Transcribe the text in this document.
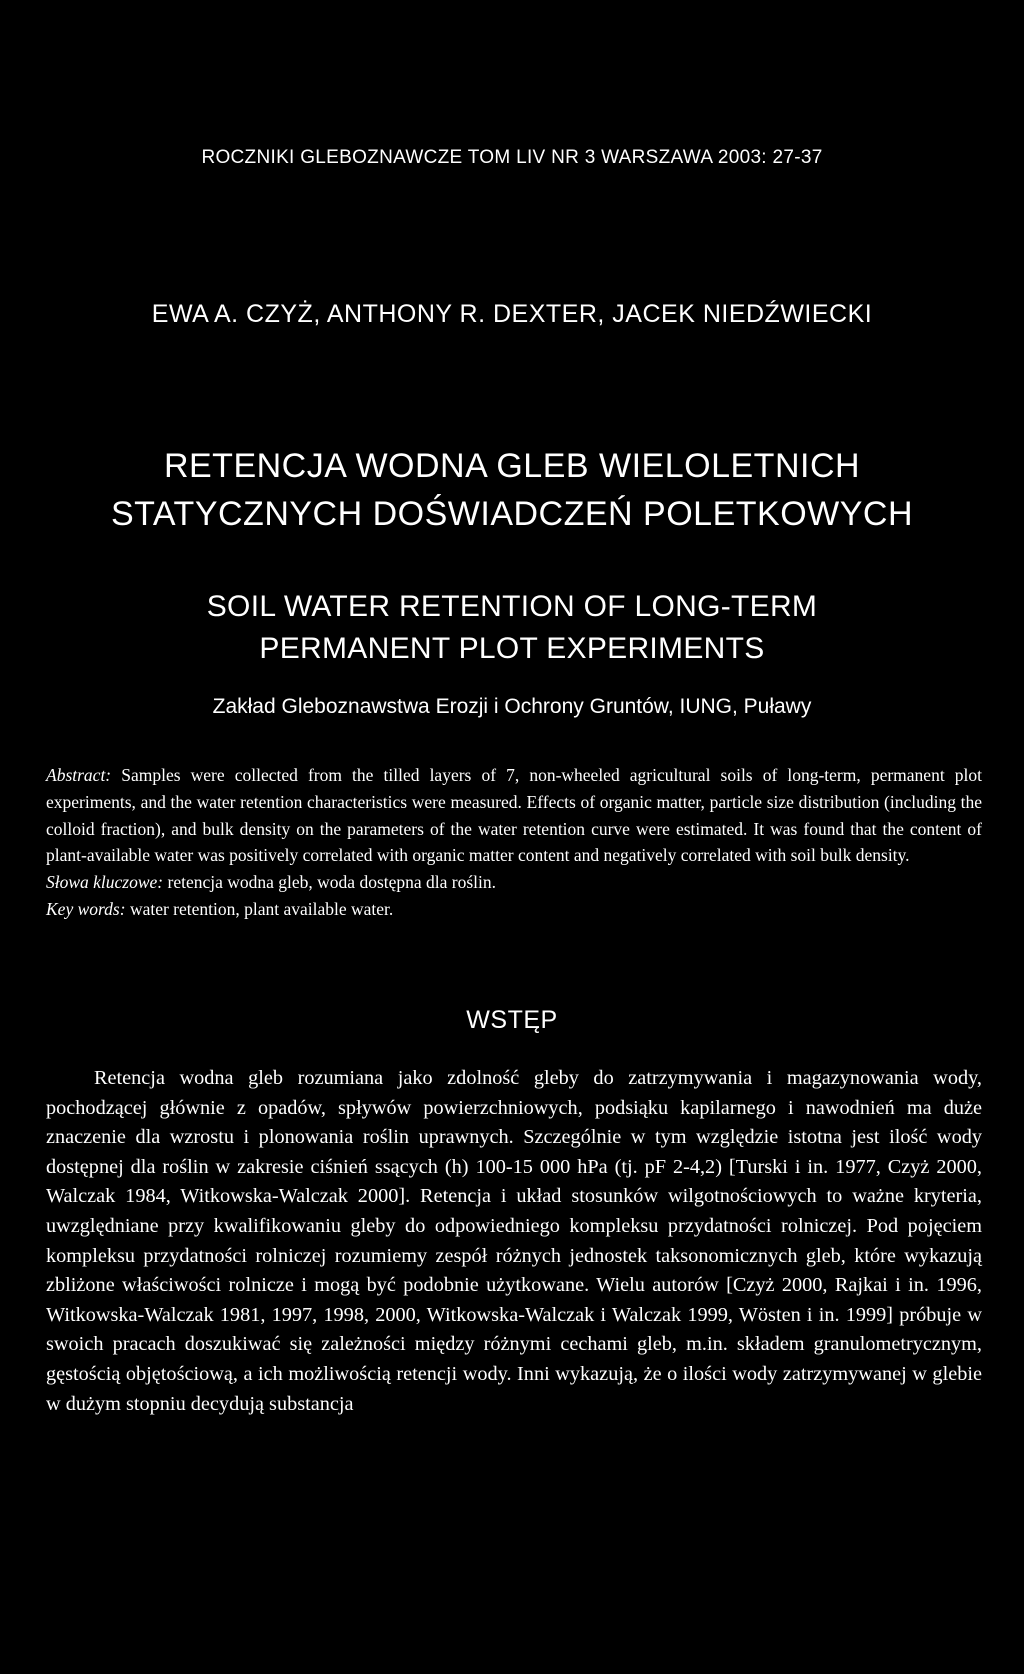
ROCZNIKI GLEBOZNAWCZE TOM LIV NR 3 WARSZAWA 2003: 27-37
EWA A. CZYŻ, ANTHONY R. DEXTER, JACEK NIEDŹWIECKI
RETENCJA WODNA GLEB WIELOLETNICH
STATYCZNYCH DOŚWIADCZEŃ POLETKOWYCH
SOIL WATER RETENTION OF LONG-TERM
PERMANENT PLOT EXPERIMENTS
Zakład Gleboznawstwa Erozji i Ochrony Gruntów, IUNG, Puławy

Abstract: Samples were collected from the tilled layers of 7, non-wheeled agricultural soils of long-term, permanent plot experiments, and the water retention characteristics were measured. Effects of organic matter, particle size distribution (including the colloid fraction), and bulk density on the parameters of the water retention curve were estimated. It was found that the content of plant-available water was positively correlated with organic matter content and negatively correlated with soil bulk density.

Słowa kluczowe: retencja wodna gleb, woda dostępna dla roślin.

Key words: water retention, plant available water.

WSTĘP

Retencja wodna gleb rozumiana jako zdolność gleby do zatrzymywania i magazynowania wody, pochodzącej głównie z opadów, spływów powierzchniowych, podsiąku kapilarnego i nawodnień ma duże znaczenie dla wzrostu i plonowania roślin uprawnych. Szczególnie w tym względzie istotna jest ilość wody dostępnej dla roślin w zakresie ciśnień ssących (h) 100-15 000 hPa (tj. pF 2-4,2) [Turski i in. 1977, Czyż 2000, Walczak 1984, Witkowska-Walczak 2000]. Retencja i układ stosunków wilgotnościowych to ważne kryteria, uwzględniane przy kwalifikowaniu gleby do odpowiedniego kompleksu przydatności rolniczej. Pod pojęciem kompleksu przydatności rolniczej rozumiemy zespół różnych jednostek taksonomicznych gleb, które wykazują zbliżone właściwości rolnicze i mogą być podobnie użytkowane. Wielu autorów [Czyż 2000, Rajkai i in. 1996, Witkowska-Walczak 1981, 1997, 1998, 2000, Witkowska-Walczak i Walczak 1999, Wösten i in. 1999] próbuje w swoich pracach doszukiwać się zależności między różnymi cechami gleb, m.in. składem granulometrycznym, gęstością objętościową, a ich możliwością retencji wody. Inni wykazują, że o ilości wody zatrzymywanej w glebie w dużym stopniu decydują substancja
